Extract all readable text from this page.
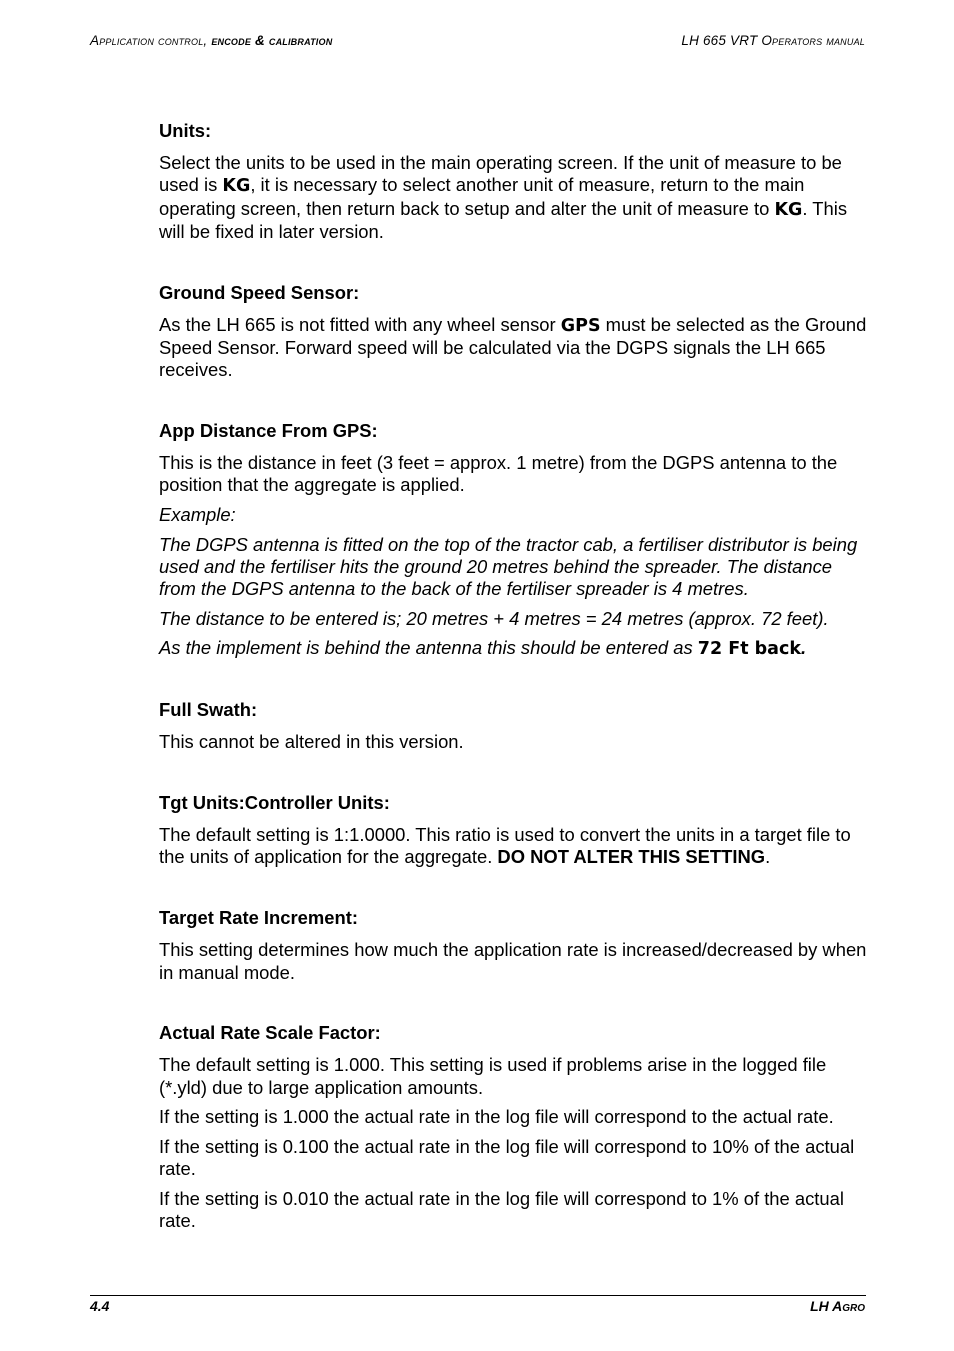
Application control, encode & calibration	LH 665 VRT Operators manual
Units:
Select the units to be used in the main operating screen. If the unit of measure to be used is KG, it is necessary to select another unit of measure, return to the main operating screen, then return back to setup and alter the unit of measure to KG. This will be fixed in later version.
Ground Speed Sensor:
As the LH 665 is not fitted with any wheel sensor GPS must be selected as the Ground Speed Sensor. Forward speed will be calculated via the DGPS signals the LH 665 receives.
App Distance From GPS:
This is the distance in feet (3 feet = approx. 1 metre) from the DGPS antenna to the position that the aggregate is applied.
Example:
The DGPS antenna is fitted on the top of the tractor cab, a fertiliser distributor is being used and the fertiliser hits the ground 20 metres behind the spreader. The distance from the DGPS antenna to the back of the fertiliser spreader is 4 metres.
The distance to be entered is; 20 metres + 4 metres = 24 metres (approx. 72 feet).
As the implement is behind the antenna this should be entered as 72 Ft back.
Full Swath:
This cannot be altered in this version.
Tgt Units:Controller Units:
The default setting is 1:1.0000. This ratio is used to convert the units in a target file to the units of application for the aggregate. DO NOT ALTER THIS SETTING.
Target Rate Increment:
This setting determines how much the application rate is increased/decreased by when in manual mode.
Actual Rate Scale Factor:
The default setting is 1.000. This setting is used if problems arise in the logged file (*.yld) due to large application amounts.
If the setting is 1.000 the actual rate in the log file will correspond to the actual rate.
If the setting is 0.100 the actual rate in the log file will correspond to 10% of the actual rate.
If the setting is 0.010 the actual rate in the log file will correspond to 1% of the actual rate.
4.4	LH Agro
